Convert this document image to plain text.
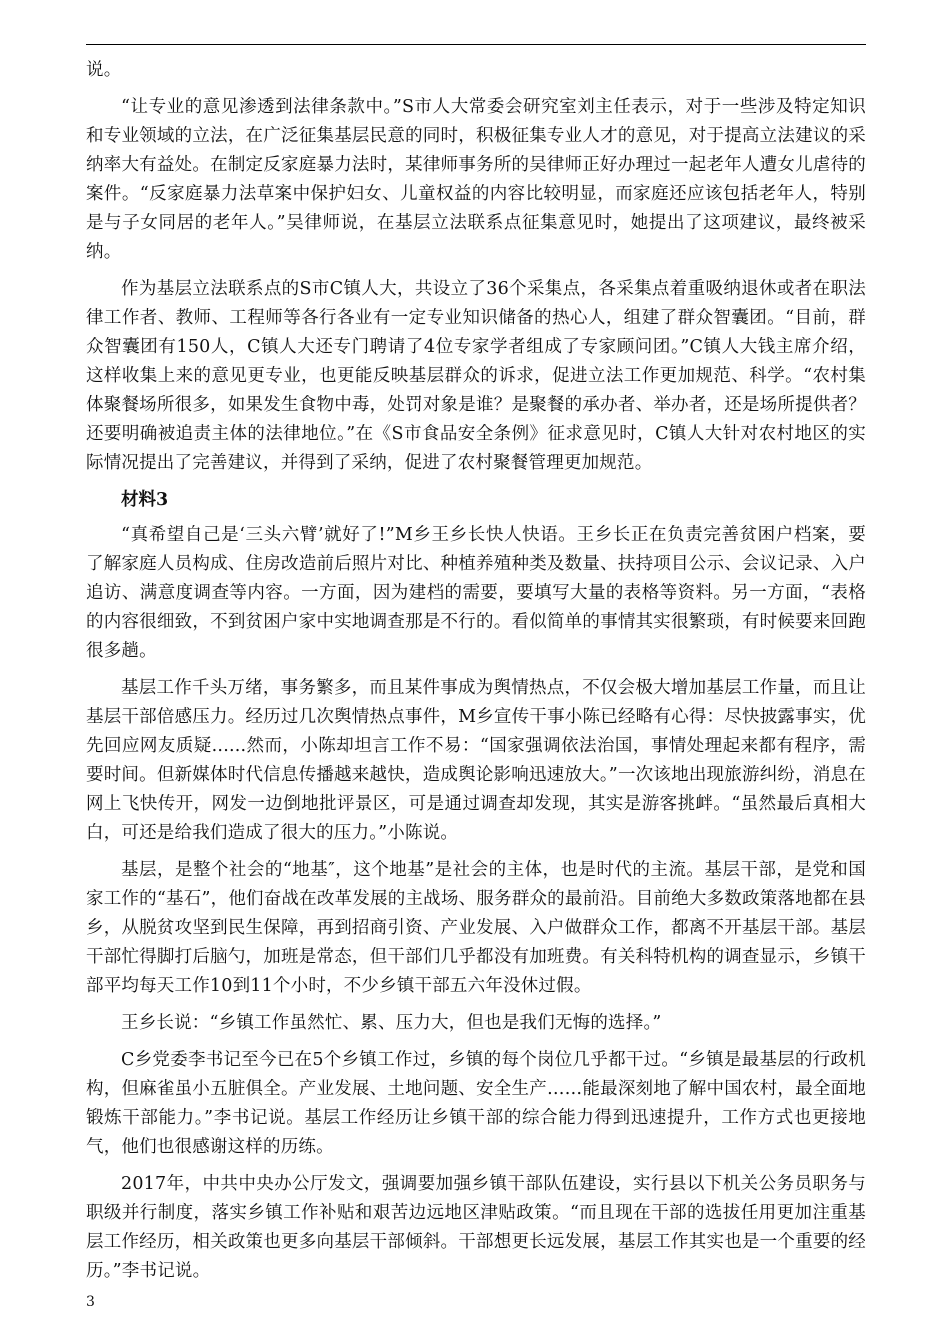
说。

“让专业的意见渗透到法律条款中。”S市人大常委会研究室刘主任表示，对于一些涉及特定知识和专业领域的立法，在广泛征集基层民意的同时，积极征集专业人才的意见，对于提高立法建议的采纳率大有益处。在制定反家庭暴力法时，某律师事务所的吴律师正好办理过一起老年人遭女儿虐待的案件。“反家庭暴力法草案中保护妇女、儿童权益的内容比较明显，而家庭还应该包括老年人，特别是与子女同居的老年人。”吴律师说，在基层立法联系点征集意见时，她提出了这项建议，最终被采纳。

作为基层立法联系点的S市C镇人大，共设立了36个采集点，各采集点着重吸纳退休或者在职法律工作者、教师、工程师等各行各业有一定专业知识储备的热心人，组建了群众智囊团。“目前，群众智囊团有150人，C镇人大还专门聘请了4位专家学者组成了专家顾问团。”C镇人大钱主席介绍，这样收集上来的意见更专业，也更能反映基层群众的诉求，促进立法工作更加规范、科学。“农村集体聚餐场所很多，如果发生食物中毒，处罚对象是谁？是聚餐的承办者、举办者，还是场所提供者？还要明确被追责主体的法律地位。”在《S市食品安全条例》征求意见时，C镇人大针对农村地区的实际情况提出了完善建议，并得到了采纳，促进了农村聚餐管理更加规范。

材料3

“真希望自己是‘三头六臂’就好了!”M乡王乡长快人快语。王乡长正在负责完善贫困户档案，要了解家庭人员构成、住房改造前后照片对比、种植养殖种类及数量、扶持项目公示、会议记录、入户追访、满意度调查等内容。一方面，因为建档的需要，要填写大量的表格等资料。另一方面，“表格的内容很细致，不到贫困户家中实地调查那是不行的。看似简单的事情其实很繁琐，有时候要来回跑很多趟。

基层工作千头万绪，事务繁多，而且某件事成为舆情热点，不仅会极大增加基层工作量，而且让基层干部倍感压力。经历过几次舆情热点事件，M乡宣传干事小陈已经略有心得：尽快披露事实，优先回应网友质疑......然而，小陈却坦言工作不易：“国家强调依法治国，事情处理起来都有程序，需要时间。但新媒体时代信息传播越来越快，造成舆论影响迅速放大。”一次该地出现旅游纠纷，消息在网上飞快传开，网发一边倒地批评景区，可是通过调查却发现，其实是游客挑衅。“虽然最后真相大白，可还是给我们造成了很大的压力。”小陈说。

基层，是整个社会的“地基″，这个地基”是社会的主体，也是时代的主流。基层干部，是党和国家工作的“基石”，他们奋战在改革发展的主战场、服务群众的最前沿。目前绝大多数政策落地都在县乡，从脱贫攻坚到民生保障，再到招商引资、产业发展、入户做群众工作，都离不开基层干部。基层干部忙得脚打后脑勺，加班是常态，但干部们几乎都没有加班费。有关科特机构的调查显示，乡镇干部平均每天工作10到11个小时，不少乡镇干部五六年没休过假。

王乡长说：“乡镇工作虽然忙、累、压力大，但也是我们无悔的选择。”

C乡党委李书记至今已在5个乡镇工作过，乡镇的每个岗位几乎都干过。“乡镇是最基层的行政机构，但麻雀虽小五脏俱全。产业发展、土地问题、安全生产……能最深刻地了解中国农村，最全面地锻炼干部能力。”李书记说。基层工作经历让乡镇干部的综合能力得到迅速提升，工作方式也更接地气，他们也很感谢这样的历练。

2017年，中共中央办公厅发文，强调要加强乡镇干部队伍建设，实行县以下机关公务员职务与职级并行制度，落实乡镇工作补贴和艰苦边远地区津贴政策。“而且现在干部的选拔任用更加注重基层工作经历，相关政策也更多向基层干部倾斜。干部想更长远发展，基层工作其实也是一个重要的经历。”李书记说。

3
